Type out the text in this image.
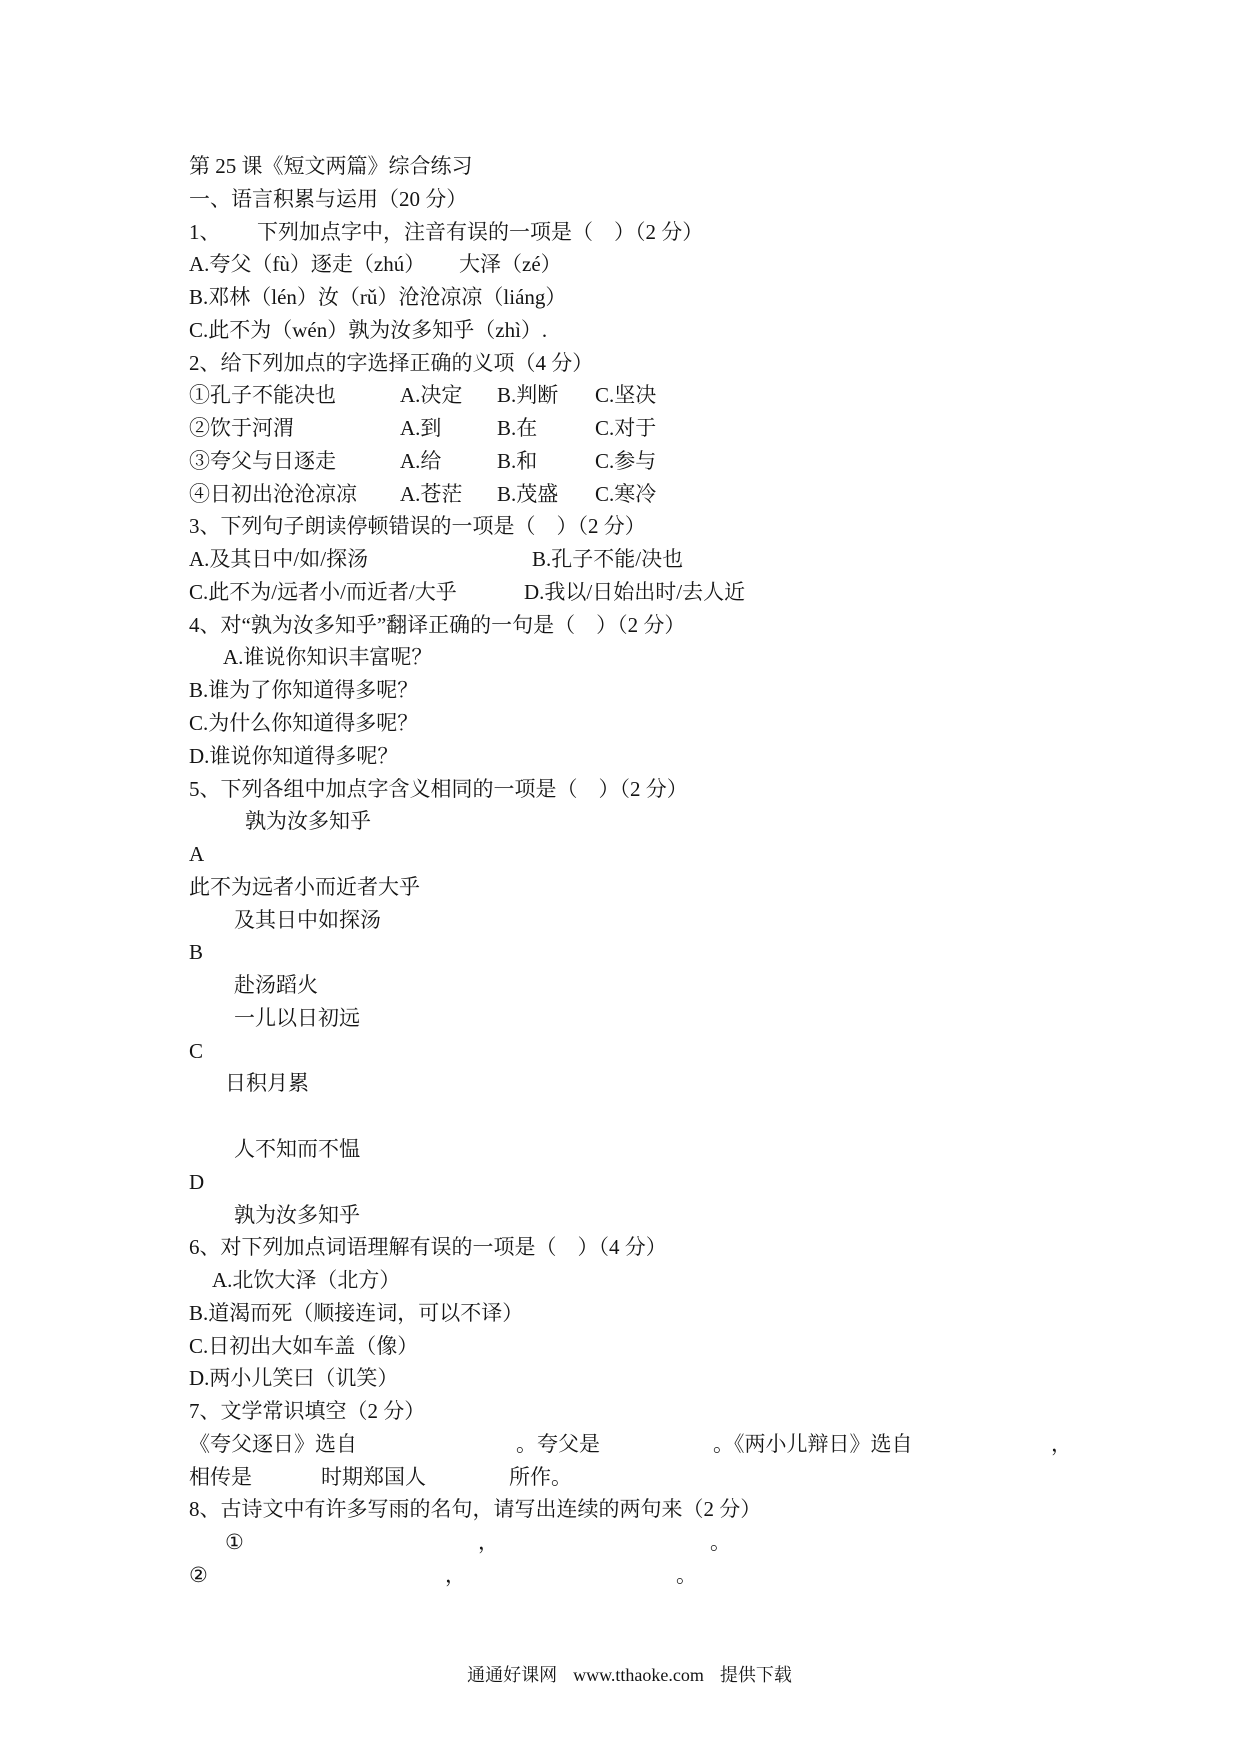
第 25 课《短文两篇》综合练习
一、语言积累与运用（20 分）

1、

下列加点字中，注音有误的一项是（　）（2 分）

A.夸父（fù）逐走（zhú）

大泽（zé）

B.邓林（lén）汝（rǔ）沧沧凉凉（liáng）
C.此不为（wén）孰为汝多知乎（zhì）.
2、给下列加点的字选择正确的义项（4 分）

①孔子不能决也

	A.决定

B.判断

C.坚决

②饮于河渭

	A.到

	B.在

	C.对于

③夸父与日逐走

	A.给

	B.和

	C.参与

④日初出沧沧凉凉

A.苍茫

B.茂盛

C.寒冷

3、下列句子朗读停顿错误的一项是（　）（2 分）

A.及其日中/如/探汤

	B.孔子不能/决也

C.此不为/远者小/而近者/大乎

	D.我以/日始出时/去人近

4、对“孰为汝多知乎”翻译正确的一句是（　）（2 分）
A.谁说你知识丰富呢？
B.谁为了你知道得多呢？
C.为什么你知道得多呢？
D.谁说你知道得多呢？
5、下列各组中加点字含义相同的一项是（　）（2 分）
孰为汝多知乎
A
此不为远者小而近者大乎
及其日中如探汤
B
赴汤蹈火
一儿以日初远
C
日积月累
人不知而不愠
D
孰为汝多知乎
6、对下列加点词语理解有误的一项是（　）（4 分）
A.北饮大泽（北方）
B.道渴而死（顺接连词，可以不译）
C.日初出大如车盖（像）
D.两小儿笑曰（讥笑）
7、文学常识填空（2 分）

《夸父逐日》选自

	。夸父是

	。《两小儿辩日》选自

	，

相传是

	时期郑国人

	所作。

8、古诗文中有许多写雨的名句，请写出连续的两句来（2 分）

①

	，

	。

②

	，

	。

通通好课网 www.tthaoke.com 提供下载
